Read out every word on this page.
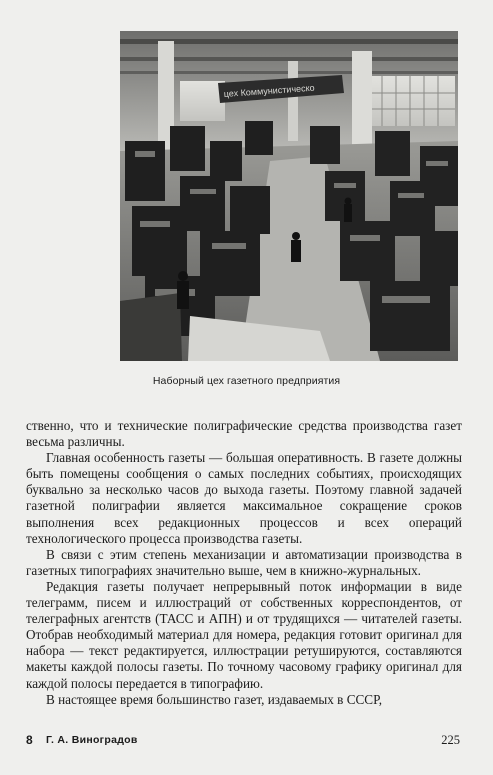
цех Коммунистическо
Наборный цех газетного предприятия

ственно, что и технические полиграфические средства производства газет весьма различны.

Главная особенность газеты — большая оперативность. В газете должны быть помещены сообщения о самых последних событиях, происходящих буквально за несколько часов до выхода газеты. Поэтому главной задачей газетной полиграфии является максимальное сокращение сроков выполнения всех редакционных процессов и всех операций технологического процесса производства газеты.

В связи с этим степень механизации и автоматизации производства в газетных типографиях значительно выше, чем в книжно-журнальных.

Редакция газеты получает непрерывный поток информации в виде телеграмм, писем и иллюстраций от собственных корреспондентов, от телеграфных агентств (ТАСС и АПН) и от трудящихся — читателей газеты. Отобрав необходимый материал для номера, редакция готовит оригинал для набора — текст редактируется, иллюстрации ретушируются, составляются макеты каждой полосы газеты. По точному часовому графику оригинал для каждой полосы передается в типографию.

В настоящее время большинство газет, издаваемых в СССР,

8 Г. А. Виноградов	225
